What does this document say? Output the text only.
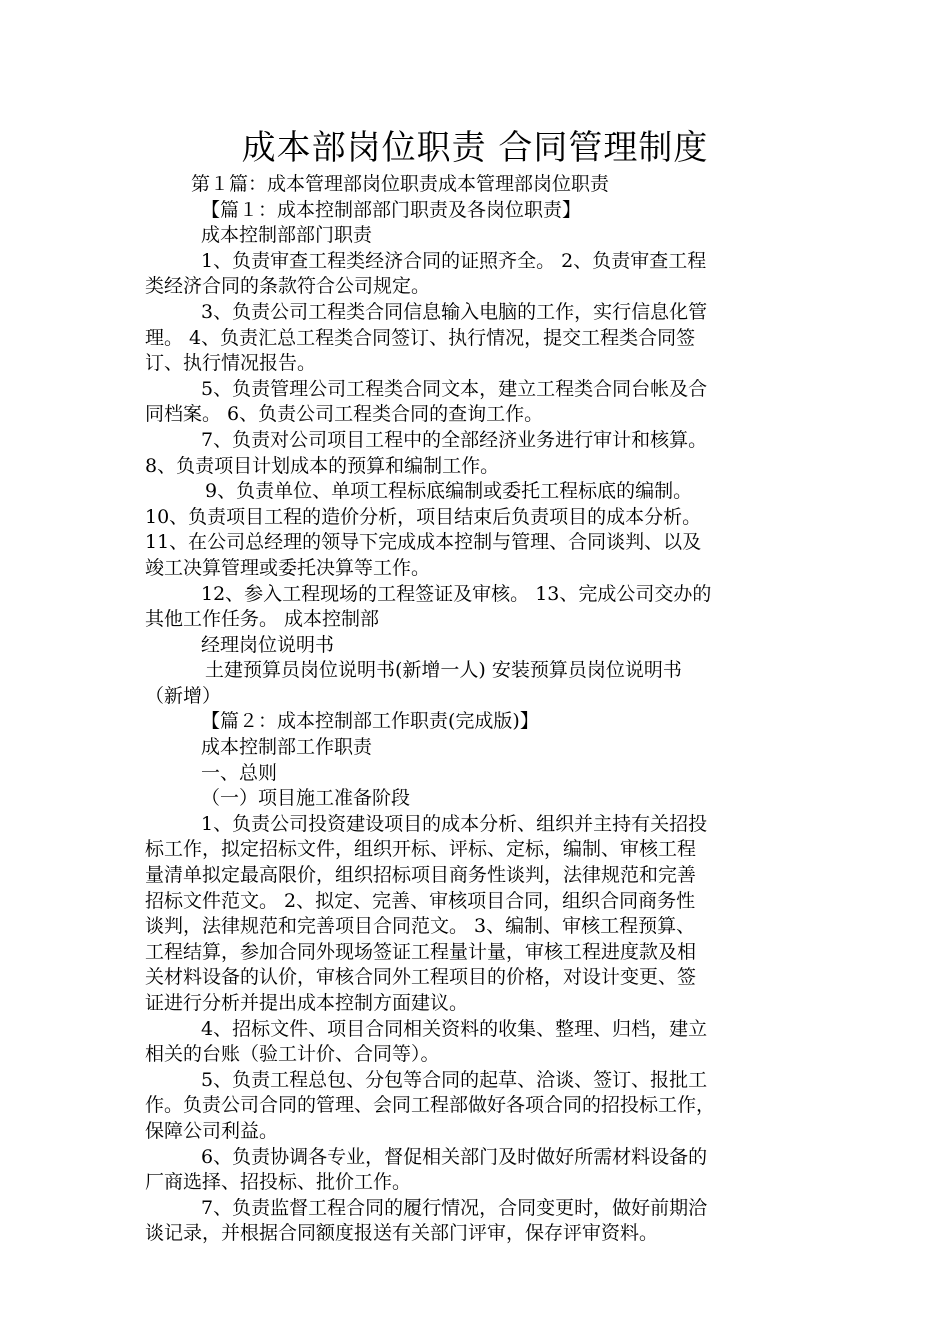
成本部岗位职责 合同管理制度

第１篇：成本管理部岗位职责成本管理部岗位职责

【篇１：成本控制部部门职责及各岗位职责】

成本控制部部门职责

1、负责审查工程类经济合同的证照齐全。 2、负责审查工程

类经济合同的条款符合公司规定。

3、负责公司工程类合同信息输入电脑的工作，实行信息化管

理。 4、负责汇总工程类合同签订、执行情况，提交工程类合同签

订、执行情况报告。

5、负责管理公司工程类合同文本，建立工程类合同台帐及合

同档案。 6、负责公司工程类合同的查询工作。

7、负责对公司项目工程中的全部经济业务进行审计和核算。

8、负责项目计划成本的预算和编制工作。

9、负责单位、单项工程标底编制或委托工程标底的编制。

10、负责项目工程的造价分析，项目结束后负责项目的成本分析。

11、在公司总经理的领导下完成成本控制与管理、合同谈判、以及

竣工决算管理或委托决算等工作。

12、参入工程现场的工程签证及审核。 13、完成公司交办的

其他工作任务。 成本控制部

经理岗位说明书

土建预算员岗位说明书(新增一人) 安装预算员岗位说明书

（新增）

【篇２：成本控制部工作职责(完成版)】

成本控制部工作职责

一、总则

（一）项目施工准备阶段

1、负责公司投资建设项目的成本分析、组织并主持有关招投

标工作，拟定招标文件，组织开标、评标、定标，编制、审核工程

量清单拟定最高限价，组织招标项目商务性谈判，法律规范和完善

招标文件范文。 2、拟定、完善、审核项目合同，组织合同商务性

谈判，法律规范和完善项目合同范文。 3、编制、审核工程预算、

工程结算，参加合同外现场签证工程量计量，审核工程进度款及相

关材料设备的认价，审核合同外工程项目的价格，对设计变更、签

证进行分析并提出成本控制方面建议。

4、招标文件、项目合同相关资料的收集、整理、归档，建立

相关的台账（验工计价、合同等）。

5、负责工程总包、分包等合同的起草、洽谈、签订、报批工

作。负责公司合同的管理、会同工程部做好各项合同的招投标工作，

保障公司利益。

6、负责协调各专业，督促相关部门及时做好所需材料设备的

厂商选择、招投标、批价工作。

7、负责监督工程合同的履行情况，合同变更时，做好前期洽

谈记录，并根据合同额度报送有关部门评审，保存评审资料。
